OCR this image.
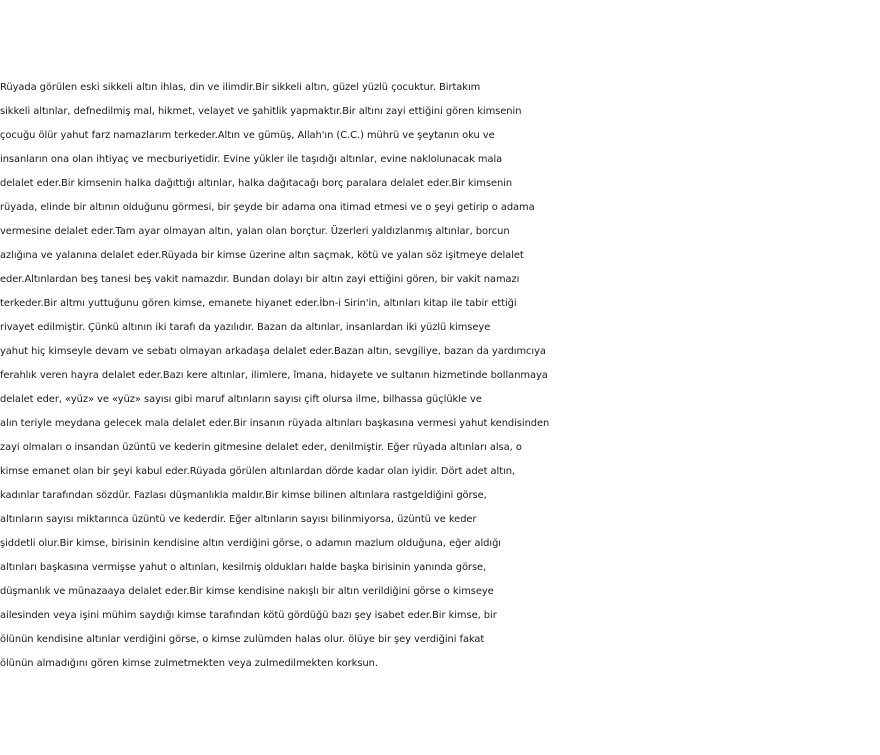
Rüyada görülen eski sikkeli altın ihlas, din ve ilimdir.Bir sikkeli altın, güzel yüzlü çocuktur. Birtakım
sikkeli altınlar, defnedilmiş mal, hikmet, velayet ve şahitlik yapmaktır.Bir altını zayi ettiğini gören kimsenin
çocuğu ölür yahut farz namazlarım terkeder.Altın ve gümüş, Allah'ın (C.C.) mührü ve şeytanın oku ve
insanların ona olan ihtiyaç ve mecburiyetidir. Evine yükler ile taşıdığı altınlar, evine naklolunacak mala
delalet eder.Bir kimsenin halka dağıttığı altınlar, halka dağıtacağı borç paralara delalet eder.Bir kimsenin
rüyada, elinde bir altının olduğunu görmesi, bir şeyde bir adama ona itimad etmesi ve o şeyi getirip o adama
vermesine delalet eder.Tam ayar olmayan altın, yalan olan borçtur. Üzerleri yaldızlanmış altınlar, borcun
azlığına ve yalanına delalet eder.Rüyada bir kimse üzerine altın saçmak, kötü ve yalan söz işitmeye delalet
eder.Altınlardan beş tanesi beş vakit namazdır. Bundan dolayı bir altın zayi ettiğini gören, bir vakit namazı
terkeder.Bir altmı yuttuğunu gören kimse, emanete hiyanet eder.İbn-i Sirin'in, altınları kitap ile tabir ettiği
rivayet edilmiştir. Çünkü altının iki tarafı da yazılıdır. Bazan da altınlar, insanlardan iki yüzlü kimseye
yahut hiç kimseyle devam ve sebatı olmayan arkadaşa delalet eder.Bazan altın, sevgiliye, bazan da yardımcıya
ferahlık veren hayra delalet eder.Bazı kere altınlar, ilimlere, îmana, hidayete ve sultanın hizmetinde bollanmaya
delalet eder, «yüz» ve «yüz» sayısı gibi maruf altınların sayısı çift olursa ilme, bilhassa güçlükle ve
alın teriyle meydana gelecek mala delalet eder.Bir insanın rüyada altınları başkasına vermesi yahut kendisinden
zayi olmaları o insandan üzüntü ve kederin gitmesine delalet eder, denilmiştir. Eğer rüyada altınları alsa, o
kimse emanet olan bir şeyi kabul eder.Rüyada görülen altınlardan dörde kadar olan iyidir. Dört adet altın,
kadınlar tarafından sözdür. Fazlası düşmanlıkla maldır.Bir kimse bilinen altınlara rastgeldiğini görse,
altınların sayısı miktarınca üzüntü ve kederdir. Eğer altınların sayısı bilinmiyorsa, üzüntü ve keder
şiddetli olur.Bir kimse, birisinin kendisine altın verdiğini görse, o adamın mazlum olduğuna, eğer aldığı
altınları başkasına vermişse yahut o altınları, kesilmiş oldukları halde başka birisinin yanında görse,
düşmanlık ve münazaaya delalet eder.Bir kimse kendisine nakışlı bir altın verildiğini görse o kimseye
ailesinden veya işini mühim saydığı kimse tarafından kötü gördüğü bazı şey isabet eder.Bir kimse, bir
ölünün kendisine altınlar verdiğini görse, o kimse zulümden halas olur. ölüye bir şey verdiğini fakat
ölünün almadığını gören kimse zulmetmekten veya zulmedilmekten korksun.
